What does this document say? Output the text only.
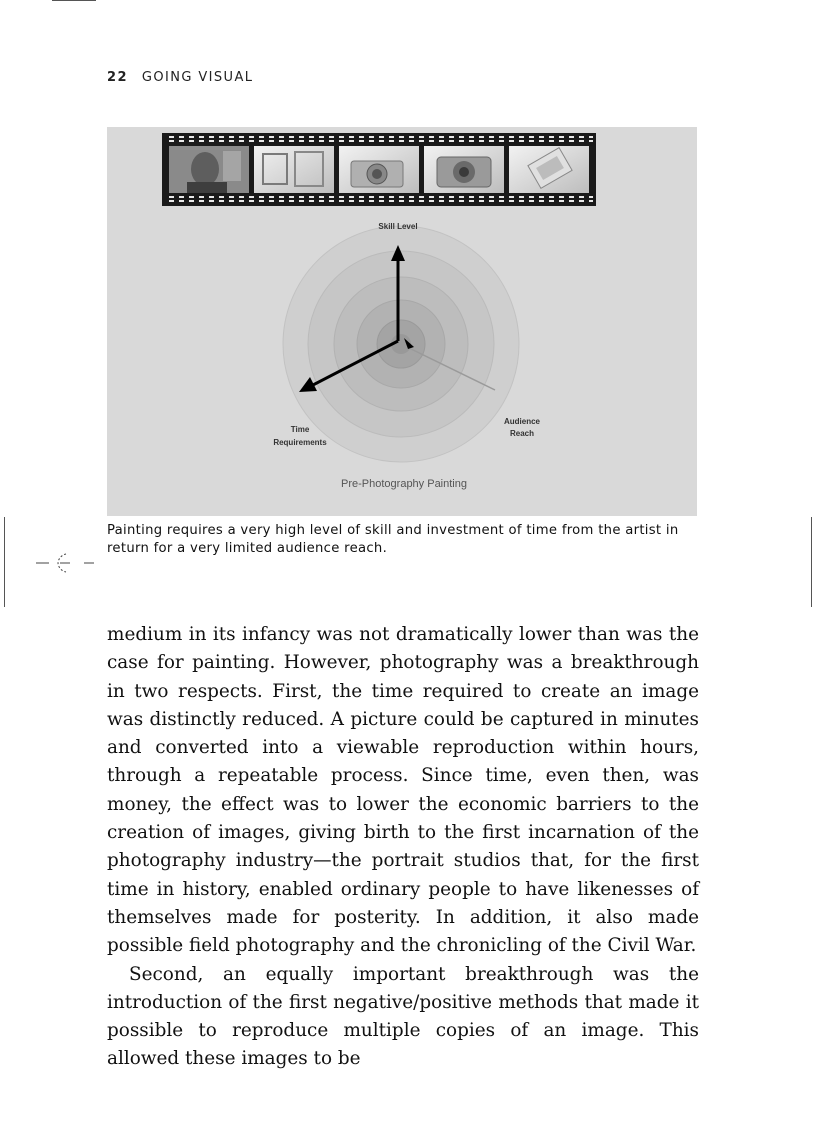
22 GOING VISUAL
Skill Level
Time
Requirements
Audience
Reach
Pre-Photography Painting
Painting requires a very high level of skill and investment of time from the artist in return for a very limited audience reach.

medium in its infancy was not dramatically lower than was the case for painting. However, photography was a breakthrough in two respects. First, the time required to create an image was distinctly reduced. A picture could be captured in minutes and converted into a viewable reproduction within hours, through a repeatable process. Since time, even then, was money, the effect was to lower the economic barriers to the creation of images, giving birth to the first incarnation of the photography industry—the portrait studios that, for the first time in history, enabled ordinary people to have likenesses of themselves made for posterity. In addition, it also made possible field photography and the chronicling of the Civil War.

Second, an equally important breakthrough was the introduction of the first negative/positive methods that made it possible to reproduce multiple copies of an image. This allowed these images to be
